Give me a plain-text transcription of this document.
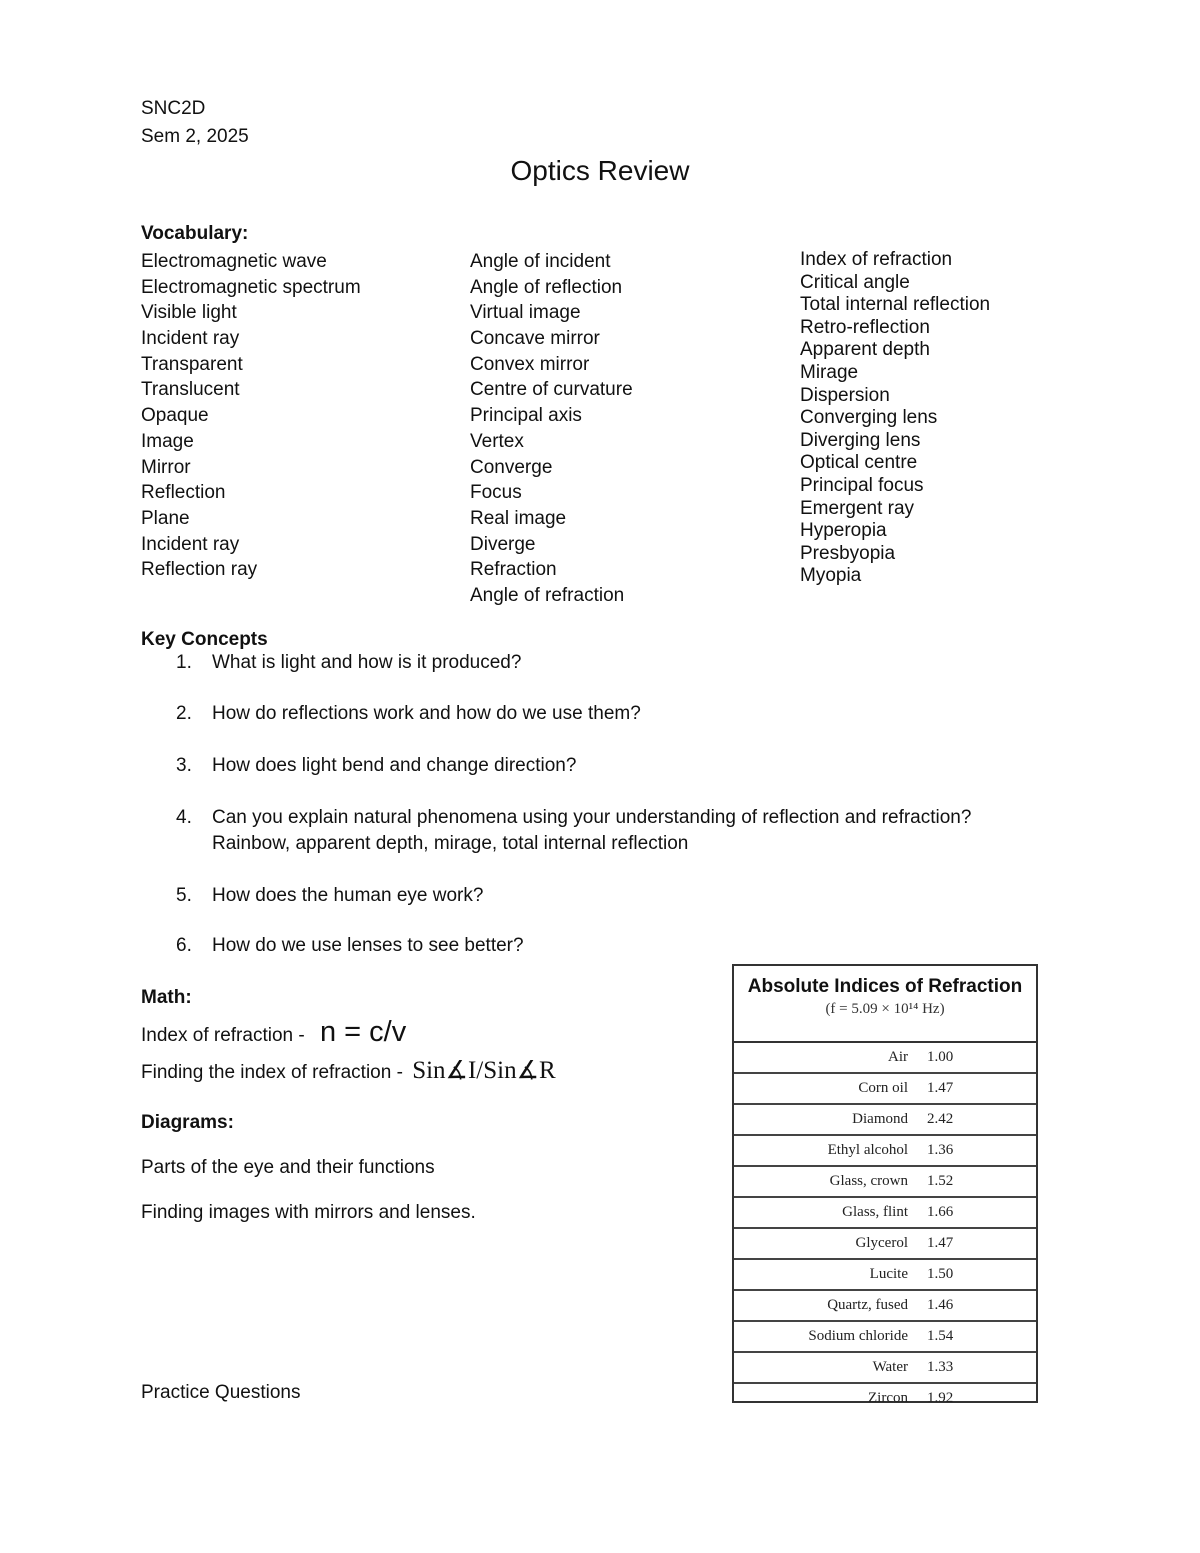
SNC2D
Sem 2, 2025
Optics Review
Vocabulary:
Electromagnetic wave
Electromagnetic spectrum
Visible light
Incident ray
Transparent
Translucent
Opaque
Image
Mirror
Reflection
Plane
Incident ray
Reflection ray
Angle of incident
Angle of reflection
Virtual image
Concave mirror
Convex mirror
Centre of curvature
Principal axis
Vertex
Converge
Focus
Real image
Diverge
Refraction
Angle of refraction
Index of refraction
Critical angle
Total internal reflection
Retro-reflection
Apparent depth
Mirage
Dispersion
Converging lens
Diverging lens
Optical centre
Principal focus
Emergent ray
Hyperopia
Presbyopia
Myopia
Key Concepts
1. What is light and how is it produced?
2. How do reflections work and how do we use them?
3. How does light bend and change direction?
4. Can you explain natural phenomena using your understanding of reflection and refraction?
Rainbow, apparent depth, mirage, total internal reflection
5. How does the human eye work?
6. How do we use lenses to see better?
Math:
Index of refraction - n = c/v
Finding the index of refraction - Sin∡I/Sin∡R
Diagrams:
Parts of the eye and their functions
Finding images with mirrors and lenses.
Practice Questions
Absolute Indices of Refraction
(f = 5.09 × 10¹⁴ Hz)
Air 1.00
Corn oil 1.47
Diamond 2.42
Ethyl alcohol 1.36
Glass, crown 1.52
Glass, flint 1.66
Glycerol 1.47
Lucite 1.50
Quartz, fused 1.46
Sodium chloride 1.54
Water 1.33
Zircon 1.92
